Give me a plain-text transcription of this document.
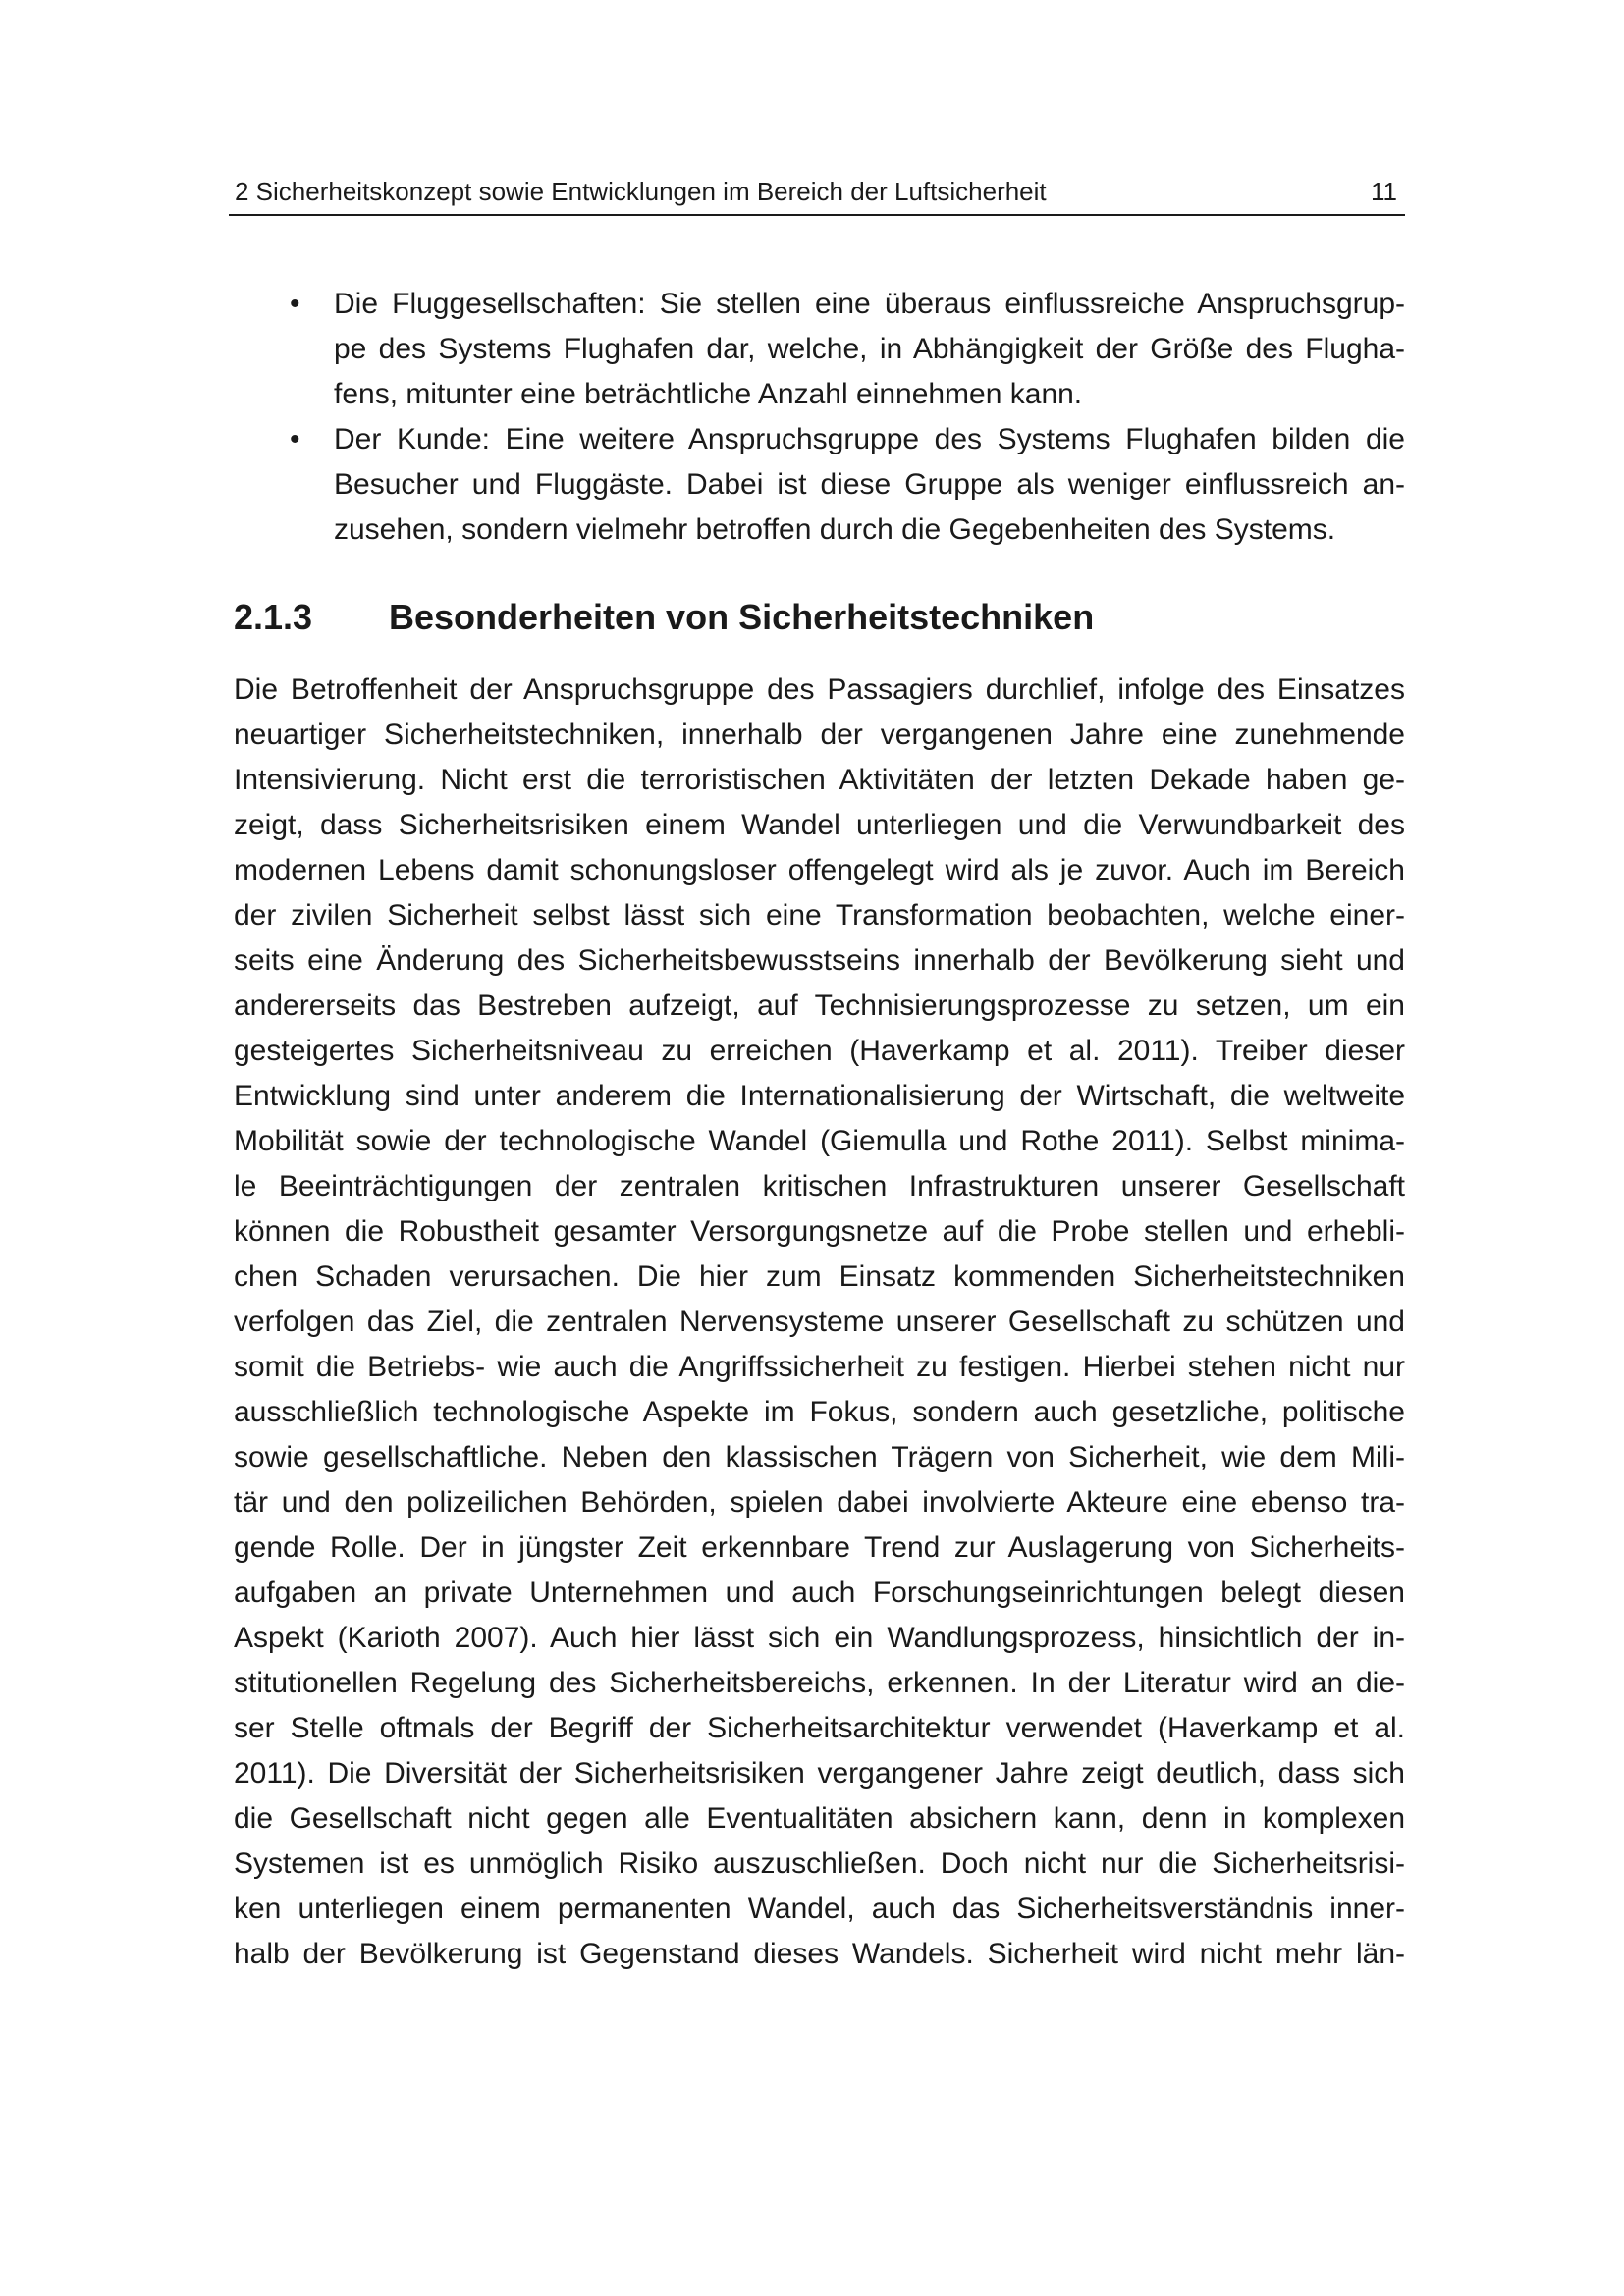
2 Sicherheitskonzept sowie Entwicklungen im Bereich der Luftsicherheit	11
• Die Fluggesellschaften: Sie stellen eine überaus einflussreiche Anspruchsgrup-
pe des Systems Flughafen dar, welche, in Abhängigkeit der Größe des Flugha-
fens, mitunter eine beträchtliche Anzahl einnehmen kann.
• Der Kunde: Eine weitere Anspruchsgruppe des Systems Flughafen bilden die
Besucher und Fluggäste. Dabei ist diese Gruppe als weniger einflussreich an-
zusehen, sondern vielmehr betroffen durch die Gegebenheiten des Systems.
2.1.3 Besonderheiten von Sicherheitstechniken
Die Betroffenheit der Anspruchsgruppe des Passagiers durchlief, infolge des Einsatzes
neuartiger Sicherheitstechniken, innerhalb der vergangenen Jahre eine zunehmende
Intensivierung. Nicht erst die terroristischen Aktivitäten der letzten Dekade haben ge-
zeigt, dass Sicherheitsrisiken einem Wandel unterliegen und die Verwundbarkeit des
modernen Lebens damit schonungsloser offengelegt wird als je zuvor. Auch im Bereich
der zivilen Sicherheit selbst lässt sich eine Transformation beobachten, welche einer-
seits eine Änderung des Sicherheitsbewusstseins innerhalb der Bevölkerung sieht und
andererseits das Bestreben aufzeigt, auf Technisierungsprozesse zu setzen, um ein
gesteigertes Sicherheitsniveau zu erreichen (Haverkamp et al. 2011). Treiber dieser
Entwicklung sind unter anderem die Internationalisierung der Wirtschaft, die weltweite
Mobilität sowie der technologische Wandel (Giemulla und Rothe 2011). Selbst minima-
le Beeinträchtigungen der zentralen kritischen Infrastrukturen unserer Gesellschaft
können die Robustheit gesamter Versorgungsnetze auf die Probe stellen und erhebli-
chen Schaden verursachen. Die hier zum Einsatz kommenden Sicherheitstechniken
verfolgen das Ziel, die zentralen Nervensysteme unserer Gesellschaft zu schützen und
somit die Betriebs- wie auch die Angriffssicherheit zu festigen. Hierbei stehen nicht nur
ausschließlich technologische Aspekte im Fokus, sondern auch gesetzliche, politische
sowie gesellschaftliche. Neben den klassischen Trägern von Sicherheit, wie dem Mili-
tär und den polizeilichen Behörden, spielen dabei involvierte Akteure eine ebenso tra-
gende Rolle. Der in jüngster Zeit erkennbare Trend zur Auslagerung von Sicherheits-
aufgaben an private Unternehmen und auch Forschungseinrichtungen belegt diesen
Aspekt (Karioth 2007). Auch hier lässt sich ein Wandlungsprozess, hinsichtlich der in-
stitutionellen Regelung des Sicherheitsbereichs, erkennen. In der Literatur wird an die-
ser Stelle oftmals der Begriff der Sicherheitsarchitektur verwendet (Haverkamp et al.
2011). Die Diversität der Sicherheitsrisiken vergangener Jahre zeigt deutlich, dass sich
die Gesellschaft nicht gegen alle Eventualitäten absichern kann, denn in komplexen
Systemen ist es unmöglich Risiko auszuschließen. Doch nicht nur die Sicherheitsrisi-
ken unterliegen einem permanenten Wandel, auch das Sicherheitsverständnis inner-
halb der Bevölkerung ist Gegenstand dieses Wandels. Sicherheit wird nicht mehr län-
